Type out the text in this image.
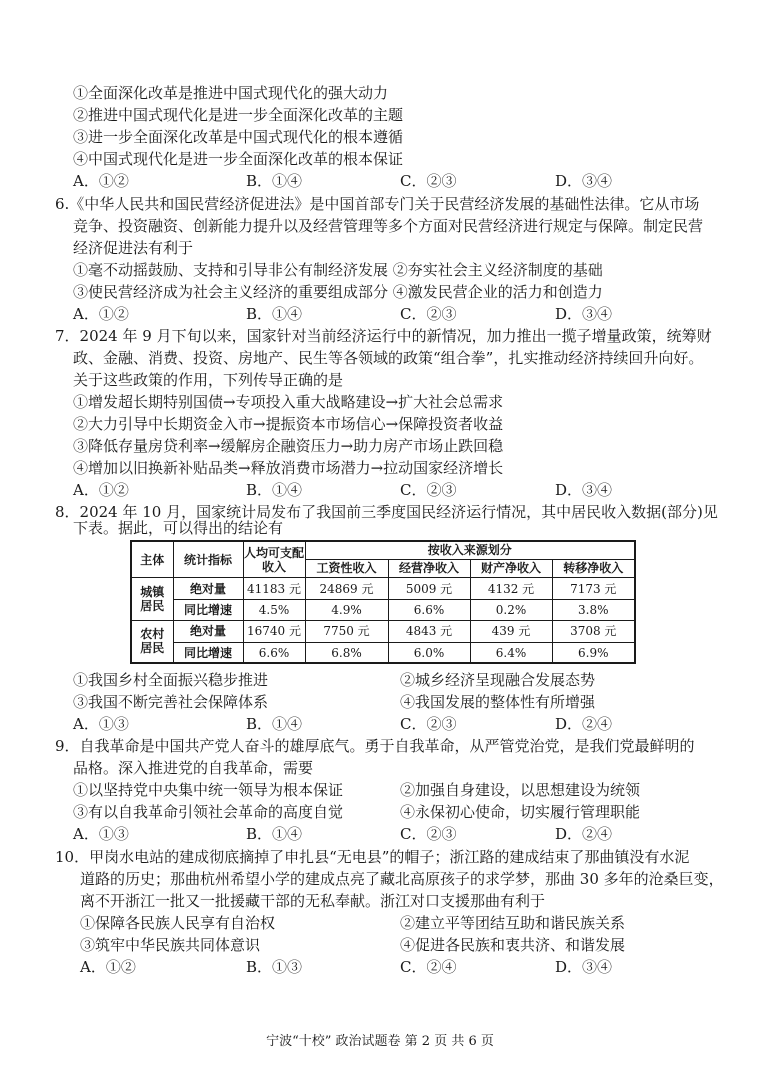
①全面深化改革是推进中国式现代化的强大动力
②推进中国式现代化是进一步全面深化改革的主题
③进一步全面深化改革是中国式现代化的根本遵循
④中国式现代化是进一步全面深化改革的根本保证
A．①②	B．①④	C．②③	D．③④
6.《中华人民共和国民营经济促进法》是中国首部专门关于民营经济发展的基础性法律。它从市场
竞争、投资融资、创新能力提升以及经营管理等多个方面对民营经济进行规定与保障。制定民营
经济促进法有利于
①毫不动摇鼓励、支持和引导非公有制经济发展 ②夯实社会主义经济制度的基础
③使民营经济成为社会主义经济的重要组成部分 ④激发民营企业的活力和创造力
A．①②	B．①④	C．②③	D．③④
7．2024 年 9 月下旬以来，国家针对当前经济运行中的新情况，加力推出一揽子增量政策，统筹财
政、金融、消费、投资、房地产、民生等各领域的政策“组合拳”，扎实推动经济持续回升向好。
关于这些政策的作用，下列传导正确的是
①增发超长期特别国债→专项投入重大战略建设→扩大社会总需求
②大力引导中长期资金入市→提振资本市场信心→保障投资者收益
③降低存量房贷利率→缓解房企融资压力→助力房产市场止跌回稳
④增加以旧换新补贴品类→释放消费市场潜力→拉动国家经济增长
A．①②	B．①④	C．②③	D．③④
8．2024 年 10 月，国家统计局发布了我国前三季度国民经济运行情况，其中居民收入数据(部分)见
下表。据此，可以得出的结论有
主体	统计指标	人均可支配收入	按收入来源划分			
			工资性收入	经营净收入	财产净收入	转移净收入
城镇
居民	绝对量	41183 元	24869 元	5009 元	4132 元	7173 元
	同比增速	4.5%	4.9%	6.6%	0.2%	3.8%
农村
居民	绝对量	16740 元	7750 元	4843 元	439 元	3708 元
	同比增速	6.6%	6.8%	6.0%	6.4%	6.9%
①我国乡村全面振兴稳步推进	②城乡经济呈现融合发展态势
③我国不断完善社会保障体系	④我国发展的整体性有所增强
A．①③	B．①④	C．②③	D．②④
9．自我革命是中国共产党人奋斗的雄厚底气。勇于自我革命，从严管党治党，是我们党最鲜明的
品格。深入推进党的自我革命，需要
①以坚持党中央集中统一领导为根本保证	②加强自身建设，以思想建设为统领
③有以自我革命引领社会革命的高度自觉	④永保初心使命，切实履行管理职能
A．①③	B．①④	C．②③	D．②④
10．甲岗水电站的建成彻底摘掉了申扎县“无电县”的帽子；浙江路的建成结束了那曲镇没有水泥
道路的历史；那曲杭州希望小学的建成点亮了藏北高原孩子的求学梦，那曲 30 多年的沧桑巨变，
离不开浙江一批又一批援藏干部的无私奉献。浙江对口支援那曲有利于
①保障各民族人民享有自治权	②建立平等团结互助和谐民族关系
③筑牢中华民族共同体意识	④促进各民族和衷共济、和谐发展
A．①②	B．①③	C．②④	D．③④
宁波“十校” 政治试题卷 第 2 页 共 6 页
